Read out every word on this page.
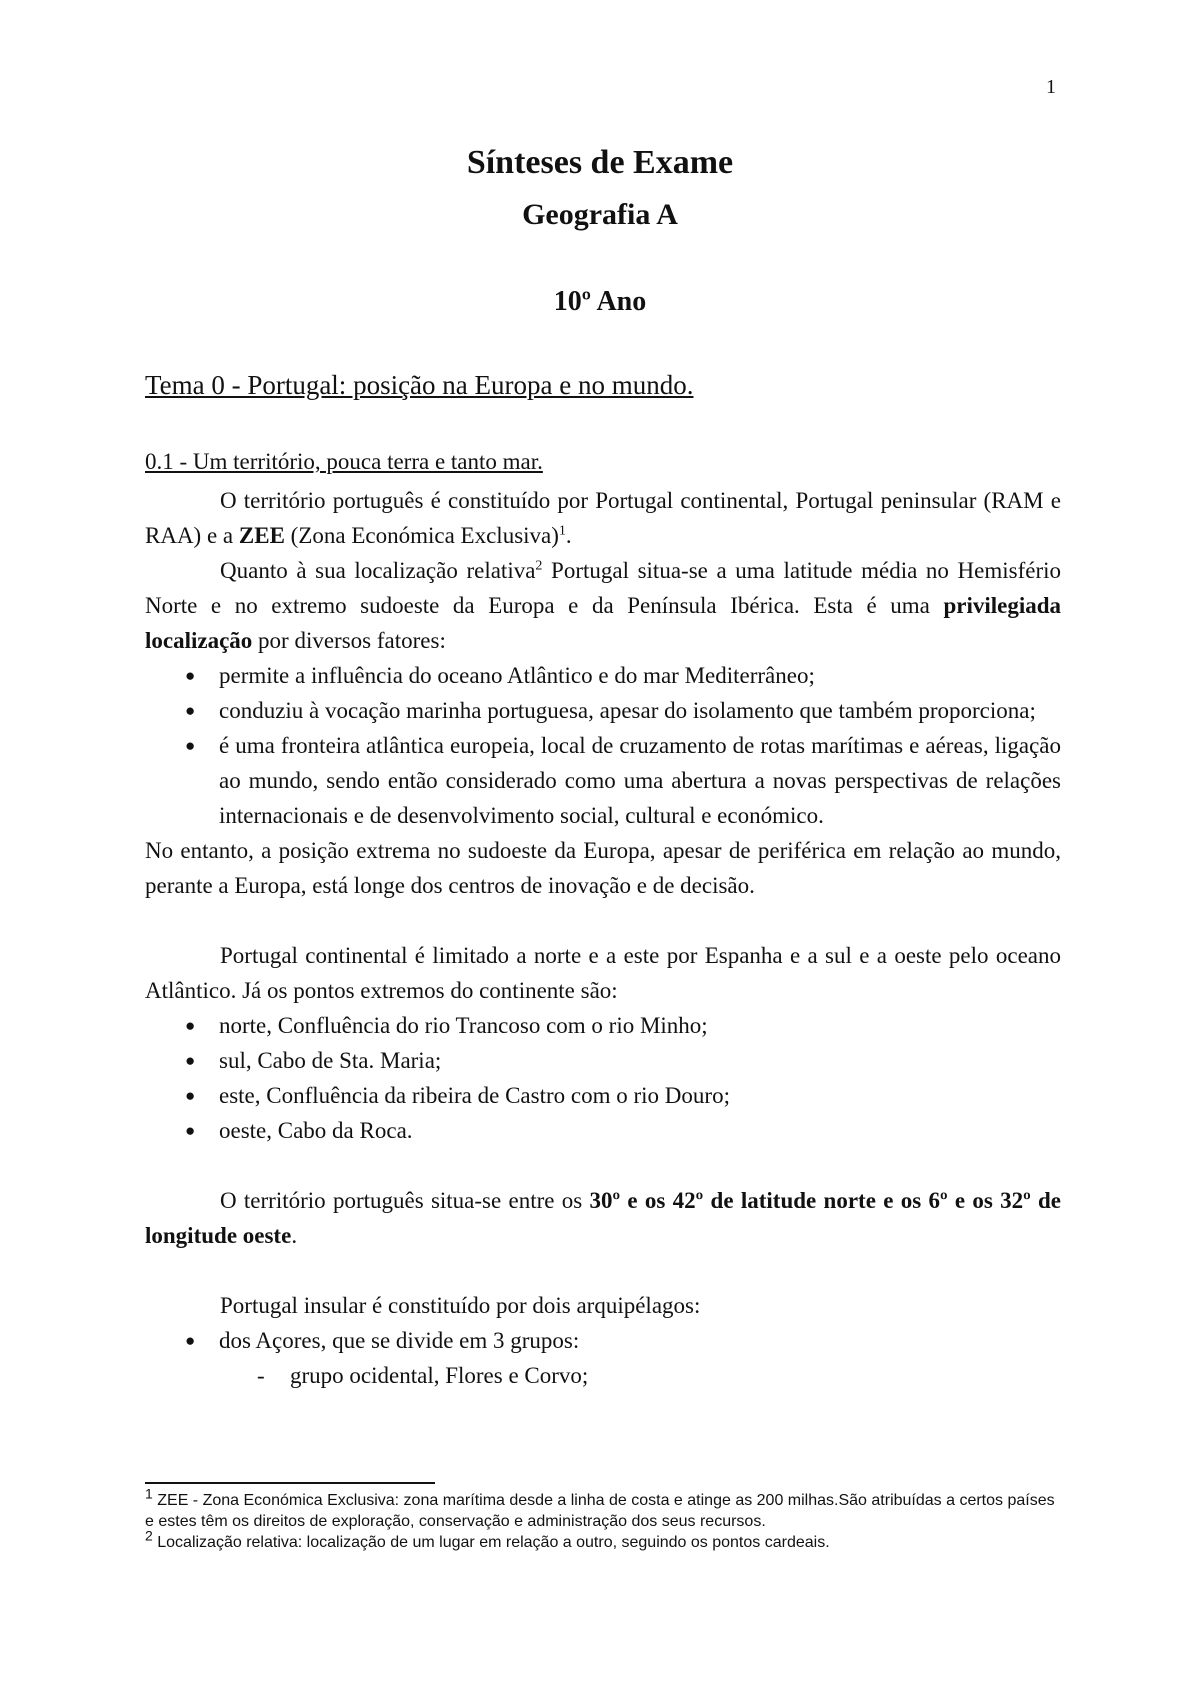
1
Sínteses de Exame
Geografia A
10º Ano
Tema 0 - Portugal: posição na Europa e no mundo.
0.1 - Um território, pouca terra e tanto mar.

O território português é constituído por Portugal continental, Portugal peninsular (RAM e RAA) e a ZEE (Zona Económica Exclusiva)$^1$.

Quanto à sua localização relativa$^2$ Portugal situa-se a uma latitude média no Hemisfério Norte e no extremo sudoeste da Europa e da Península Ibérica. Esta é uma privilegiada localização por diversos fatores:

● permite a influência do oceano Atlântico e do mar Mediterrâneo;
● conduziu à vocação marinha portuguesa, apesar do isolamento que também proporciona;
● é uma fronteira atlântica europeia, local de cruzamento de rotas marítimas e aéreas, ligação ao mundo, sendo então considerado como uma abertura a novas perspectivas de relações internacionais e de desenvolvimento social, cultural e económico.

No entanto, a posição extrema no sudoeste da Europa, apesar de periférica em relação ao mundo, perante a Europa, está longe dos centros de inovação e de decisão.

Portugal continental é limitado a norte e a este por Espanha e a sul e a oeste pelo oceano Atlântico. Já os pontos extremos do continente são:

● norte, Confluência do rio Trancoso com o rio Minho;
● sul, Cabo de Sta. Maria;
● este, Confluência da ribeira de Castro com o rio Douro;
● oeste, Cabo da Roca.

O território português situa-se entre os 30º e os 42º de latitude norte e os 6º e os 32º de longitude oeste.

Portugal insular é constituído por dois arquipélagos:

● dos Açores, que se divide em 3 grupos:
- grupo ocidental, Flores e Corvo;

$^1$ ZEE - Zona Económica Exclusiva: zona marítima desde a linha de costa e atinge as 200 milhas.São atribuídas a certos países e estes têm os direitos de exploração, conservação e administração dos seus recursos.

$^2$ Localização relativa: localização de um lugar em relação a outro, seguindo os pontos cardeais.
